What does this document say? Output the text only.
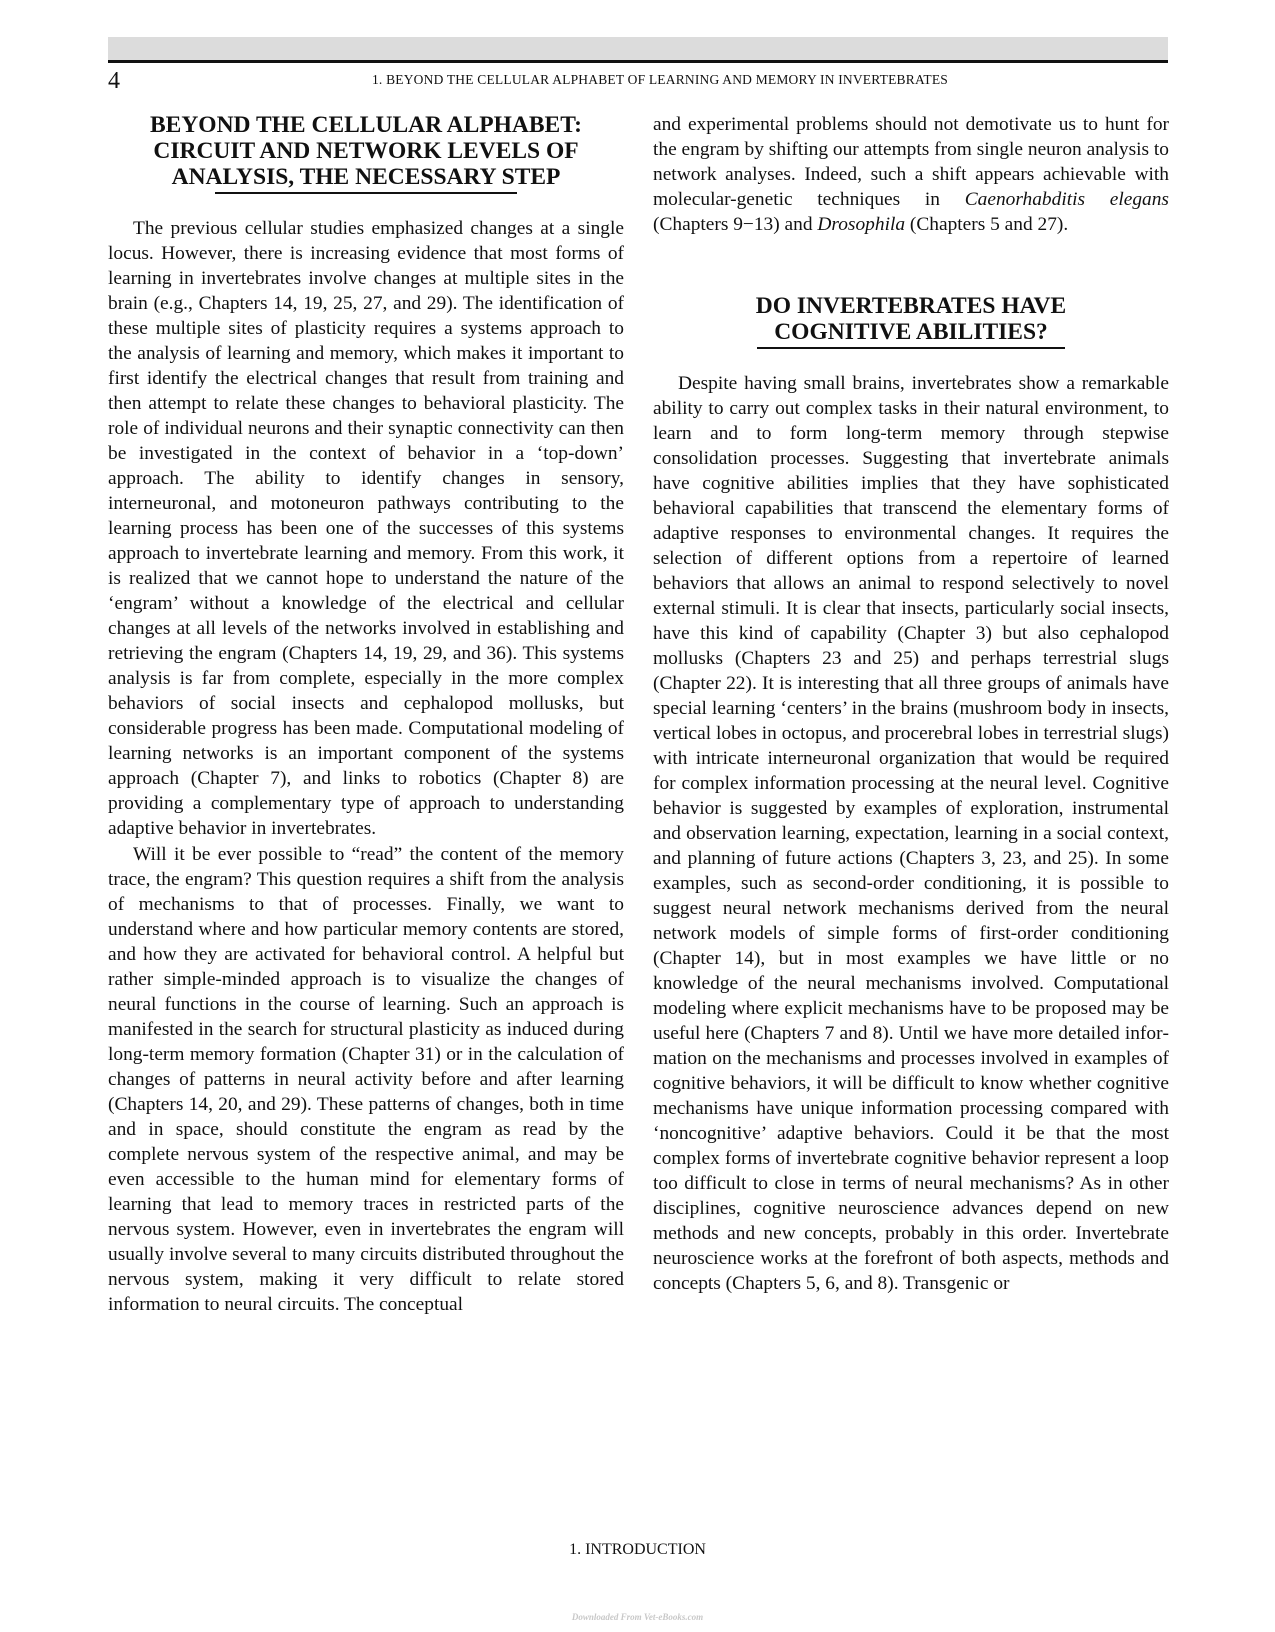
4	1. BEYOND THE CELLULAR ALPHABET OF LEARNING AND MEMORY IN INVERTEBRATES
BEYOND THE CELLULAR ALPHABET:
CIRCUIT AND NETWORK LEVELS OF
ANALYSIS, THE NECESSARY STEP

The previous cellular studies emphasized changes at a single locus. However, there is increasing evidence that most forms of learning in invertebrates involve changes at multiple sites in the brain (e.g., Chapters 14, 19, 25, 27, and 29). The identification of these multiple sites of plasticity requires a systems approach to the analysis of learning and memory, which makes it important to first identify the electrical changes that result from training and then attempt to relate these changes to behavioral plasticity. The role of individual neurons and their synaptic connectivity can then be investigated in the context of behavior in a ‘top-down’ approach. The ability to identify changes in sensory, interneuronal, and motoneuron pathways contributing to the learning process has been one of the successes of this systems approach to invertebrate learning and memory. From this work, it is realized that we cannot hope to understand the nature of the ‘engram’ without a knowledge of the electrical and cellular changes at all levels of the networks involved in establishing and retrieving the engram (Chapters 14, 19, 29, and 36). This systems analysis is far from complete, especially in the more complex behaviors of social insects and cephalopod mollusks, but considerable progress has been made. Computational modeling of learning networks is an important component of the systems approach (Chapter 7), and links to robotics (Chapter 8) are providing a complementary type of approach to understanding adaptive behavior in invertebrates.

Will it be ever possible to “read” the content of the memory trace, the engram? This question requires a shift from the analysis of mechanisms to that of processes. Finally, we want to understand where and how particular memory contents are stored, and how they are activated for behavioral control. A helpful but rather simple-minded approach is to visualize the changes of neural functions in the course of learning. Such an approach is manifested in the search for structural plasticity as induced during long-term memory formation (Chapter 31) or in the calculation of changes of patterns in neural activity before and after learning (Chapters 14, 20, and 29). These patterns of changes, both in time and in space, should constitute the engram as read by the complete nervous system of the respective animal, and may be even accessible to the human mind for elementary forms of learning that lead to memory traces in restricted parts of the nervous system. However, even in invertebrates the engram will usually involve several to many circuits distributed throughout the nervous system, making it very difficult to relate stored information to neural circuits. The conceptual

and experimental problems should not demotivate us to hunt for the engram by shifting our attempts from single neuron analysis to network analyses. Indeed, such a shift appears achievable with molecular-genetic techniques in Caenorhabditis elegans (Chapters 9−13) and Drosophila (Chapters 5 and 27).

DO INVERTEBRATES HAVE
COGNITIVE ABILITIES?

Despite having small brains, invertebrates show a remarkable ability to carry out complex tasks in their natural environment, to learn and to form long-term memory through stepwise consolidation processes. Suggesting that invertebrate animals have cognitive abilities implies that they have sophisticated behavioral capabilities that transcend the elementary forms of adaptive responses to environmental changes. It requires the selection of different options from a repertoire of learned behaviors that allows an animal to respond selectively to novel external stimuli. It is clear that insects, particularly social insects, have this kind of capability (Chapter 3) but also cephalopod mollusks (Chapters 23 and 25) and perhaps terrestrial slugs (Chapter 22). It is interesting that all three groups of animals have special learning ‘centers’ in the brains (mushroom body in insects, vertical lobes in octopus, and procerebral lobes in terrestrial slugs) with intricate interneuronal organization that would be required for complex information processing at the neural level. Cognitive behavior is suggested by examples of exploration, instrumental and observation learning, expectation, learning in a social context, and planning of future actions (Chapters 3, 23, and 25). In some examples, such as second-order conditioning, it is possible to suggest neural network mechanisms derived from the neural network models of simple forms of first-order conditioning (Chapter 14), but in most examples we have little or no knowledge of the neural mechanisms involved. Computational modeling where explicit mechanisms have to be proposed may be useful here (Chapters 7 and 8). Until we have more detailed information on the mechanisms and processes involved in examples of cognitive behaviors, it will be difficult to know whether cognitive mechanisms have unique information processing compared with ‘noncognitive’ adaptive behaviors. Could it be that the most complex forms of invertebrate cognitive behavior represent a loop too difficult to close in terms of neural mechanisms? As in other disciplines, cognitive neuroscience advances depend on new methods and new concepts, probably in this order. Invertebrate neuroscience works at the forefront of both aspects, methods and concepts (Chapters 5, 6, and 8). Transgenic or

1. INTRODUCTION
Downloaded From Vet-eBooks.com
